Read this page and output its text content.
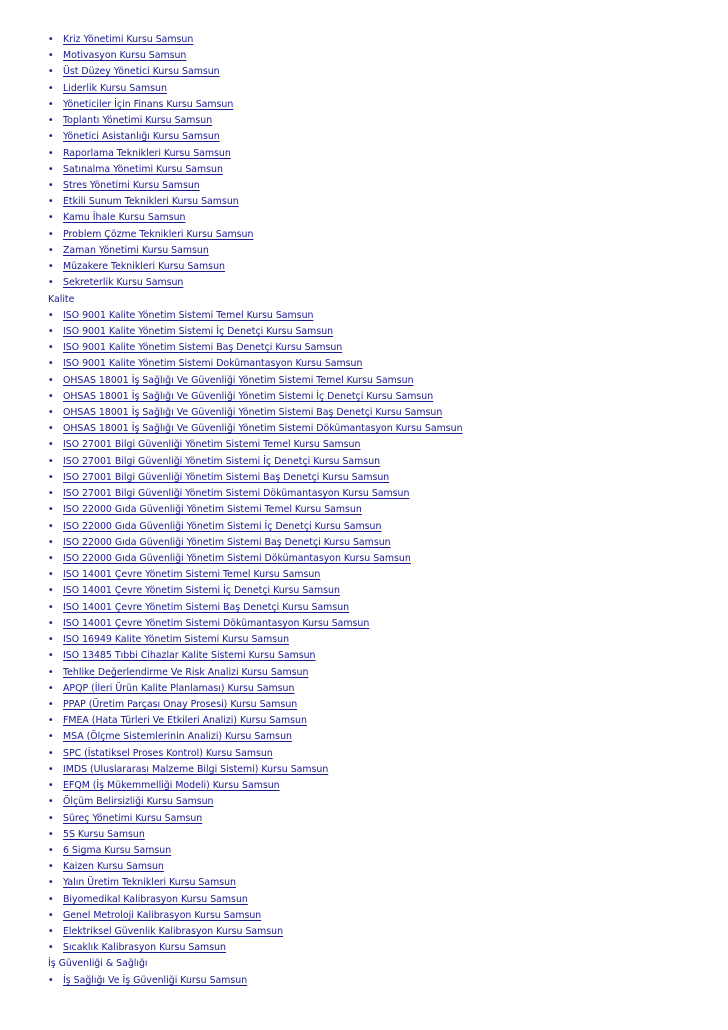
• Kriz Yönetimi Kursu Samsun
• Motivasyon Kursu Samsun
• Üst Düzey Yönetici Kursu Samsun
• Liderlik Kursu Samsun
• Yöneticiler İçin Finans Kursu Samsun
• Toplantı Yönetimi Kursu Samsun
• Yönetici Asistanlığı Kursu Samsun
• Raporlama Teknikleri Kursu Samsun
• Satınalma Yönetimi Kursu Samsun
• Stres Yönetimi Kursu Samsun
• Etkili Sunum Teknikleri Kursu Samsun
• Kamu İhale Kursu Samsun
• Problem Çözme Teknikleri Kursu Samsun
• Zaman Yönetimi Kursu Samsun
• Müzakere Teknikleri Kursu Samsun
• Sekreterlik Kursu Samsun
Kalite
• ISO 9001 Kalite Yönetim Sistemi Temel Kursu Samsun
• ISO 9001 Kalite Yönetim Sistemi İç Denetçi Kursu Samsun
• ISO 9001 Kalite Yönetim Sistemi Baş Denetçi Kursu Samsun
• ISO 9001 Kalite Yönetim Sistemi Dokümantasyon Kursu Samsun
• OHSAS 18001 İş Sağlığı Ve Güvenliği Yönetim Sistemi Temel Kursu Samsun
• OHSAS 18001 İş Sağlığı Ve Güvenliği Yönetim Sistemi İç Denetçi Kursu Samsun
• OHSAS 18001 İş Sağlığı Ve Güvenliği Yönetim Sistemi Baş Denetçi Kursu Samsun
• OHSAS 18001 İş Sağlığı Ve Güvenliği Yönetim Sistemi Dökümantasyon Kursu Samsun
• ISO 27001 Bilgi Güvenliği Yönetim Sistemi Temel Kursu Samsun
• ISO 27001 Bilgi Güvenliği Yönetim Sistemi İç Denetçi Kursu Samsun
• ISO 27001 Bilgi Güvenliği Yönetim Sistemi Baş Denetçi Kursu Samsun
• ISO 27001 Bilgi Güvenliği Yönetim Sistemi Dökümantasyon Kursu Samsun
• ISO 22000 Gıda Güvenliği Yönetim Sistemi Temel Kursu Samsun
• ISO 22000 Gıda Güvenliği Yönetim Sistemi İç Denetçi Kursu Samsun
• ISO 22000 Gıda Güvenliği Yönetim Sistemi Baş Denetçi Kursu Samsun
• ISO 22000 Gıda Güvenliği Yönetim Sistemi Dökümantasyon Kursu Samsun
• ISO 14001 Çevre Yönetim Sistemi Temel Kursu Samsun
• ISO 14001 Çevre Yönetim Sistemi İç Denetçi Kursu Samsun
• ISO 14001 Çevre Yönetim Sistemi Baş Denetçi Kursu Samsun
• ISO 14001 Çevre Yönetim Sistemi Dökümantasyon Kursu Samsun
• ISO 16949 Kalite Yönetim Sistemi Kursu Samsun
• ISO 13485 Tıbbi Cihazlar Kalite Sistemi Kursu Samsun
• Tehlike Değerlendirme Ve Risk Analizi Kursu Samsun
• APQP (İleri Ürün Kalite Planlaması) Kursu Samsun
• PPAP (Üretim Parçası Onay Prosesi) Kursu Samsun
• FMEA (Hata Türleri Ve Etkileri Analizi) Kursu Samsun
• MSA (Ölçme Sistemlerinin Analizi) Kursu Samsun
• SPC (İstatiksel Proses Kontrol) Kursu Samsun
• IMDS (Uluslararası Malzeme Bilgi Sistemi) Kursu Samsun
• EFQM (İş Mükemmelliği Modeli) Kursu Samsun
• Ölçüm Belirsizliği Kursu Samsun
• Süreç Yönetimi Kursu Samsun
• 5S Kursu Samsun
• 6 Sigma Kursu Samsun
• Kaizen Kursu Samsun
• Yalın Üretim Teknikleri Kursu Samsun
• Biyomedikal Kalibrasyon Kursu Samsun
• Genel Metroloji Kalibrasyon Kursu Samsun
• Elektriksel Güvenlik Kalibrasyon Kursu Samsun
• Sıcaklık Kalibrasyon Kursu Samsun
İş Güvenliği & Sağlığı
• İş Sağlığı Ve İş Güvenliği Kursu Samsun
